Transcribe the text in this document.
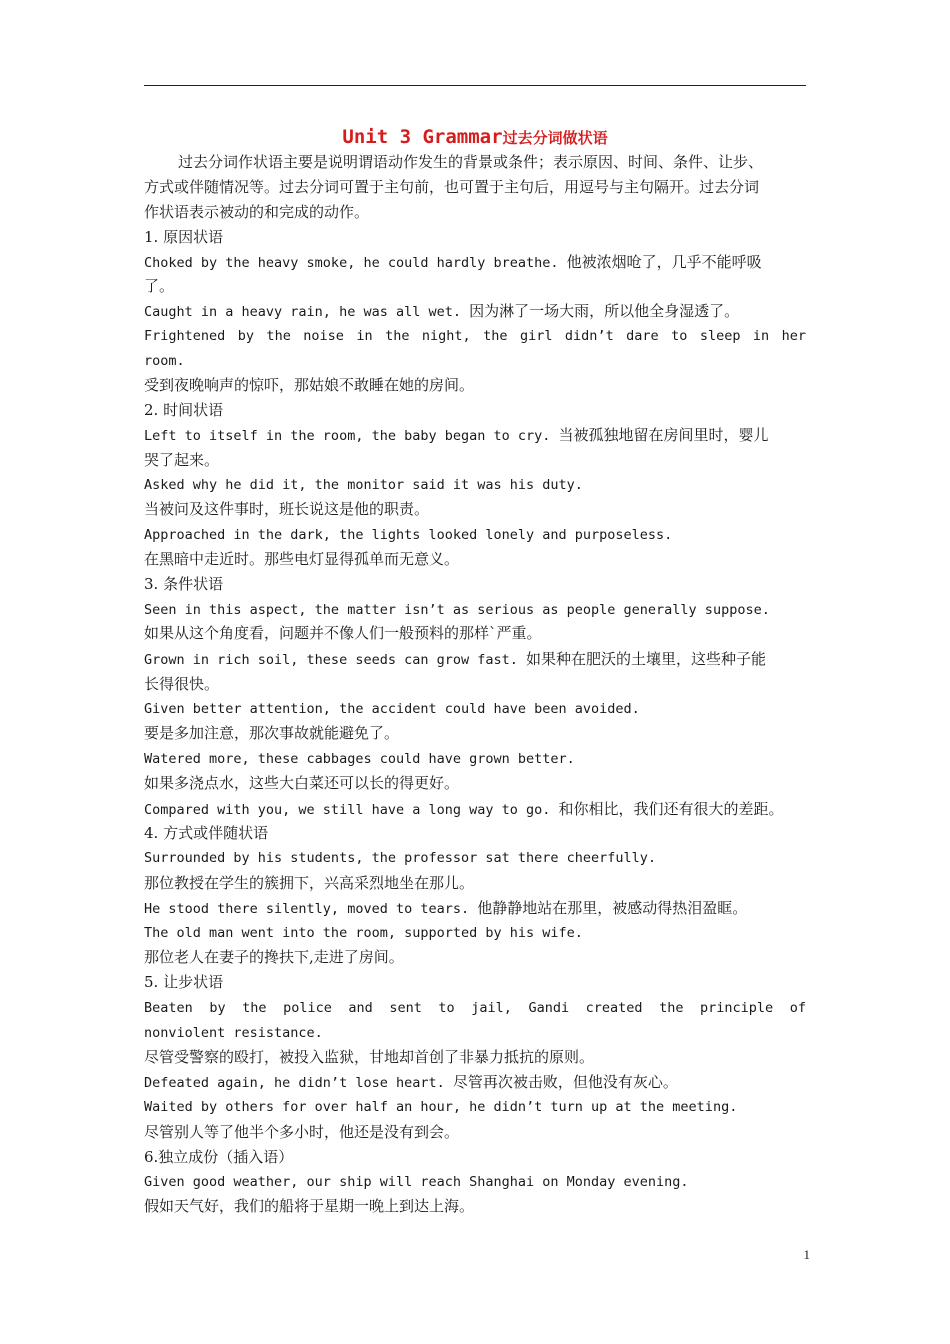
Unit 3 Grammar过去分词做状语
过去分词作状语主要是说明谓语动作发生的背景或条件；表示原因、时间、条件、让步、
方式或伴随情况等。过去分词可置于主句前，也可置于主句后，用逗号与主句隔开。过去分词
作状语表示被动的和完成的动作。
1. 原因状语
Choked by the heavy smoke, he could hardly breathe. 他被浓烟呛了，几乎不能呼吸
了。
Caught in a heavy rain, he was all wet. 因为淋了一场大雨，所以他全身湿透了。
Frightened by the noise in the night, the girl didn’t dare to sleep in her
room.
受到夜晚响声的惊吓，那姑娘不敢睡在她的房间。
2. 时间状语
Left to itself in the room, the baby began to cry. 当被孤独地留在房间里时，婴儿
哭了起来。
Asked why he did it, the monitor said it was his duty.
当被问及这件事时，班长说这是他的职责。
Approached in the dark, the lights looked lonely and purposeless.
在黑暗中走近时。那些电灯显得孤单而无意义。
3. 条件状语
Seen in this aspect, the matter isn’t as serious as people generally suppose.
如果从这个角度看，问题并不像人们一般预料的那样`严重。
Grown in rich soil, these seeds can grow fast. 如果种在肥沃的土壤里，这些种子能
长得很快。
Given better attention, the accident could have been avoided.
要是多加注意，那次事故就能避免了。
Watered more, these cabbages could have grown better.
如果多浇点水，这些大白菜还可以长的得更好。
Compared with you, we still have a long way to go. 和你相比，我们还有很大的差距。
4. 方式或伴随状语
Surrounded by his students, the professor sat there cheerfully.
那位教授在学生的簇拥下，兴高采烈地坐在那儿。
He stood there silently, moved to tears. 他静静地站在那里，被感动得热泪盈眶。
The old man went into the room, supported by his wife.
那位老人在妻子的搀扶下,走进了房间。
5. 让步状语
Beaten by the police and sent to jail, Gandi created the principle of
nonviolent resistance.
尽管受警察的殴打，被投入监狱，甘地却首创了非暴力抵抗的原则。
Defeated again, he didn’t lose heart. 尽管再次被击败，但他没有灰心。
Waited by others for over half an hour, he didn’t turn up at the meeting.
尽管别人等了他半个多小时，他还是没有到会。
6.独立成份（插入语）
Given good weather, our ship will reach Shanghai on Monday evening.
假如天气好，我们的船将于星期一晚上到达上海。
1
